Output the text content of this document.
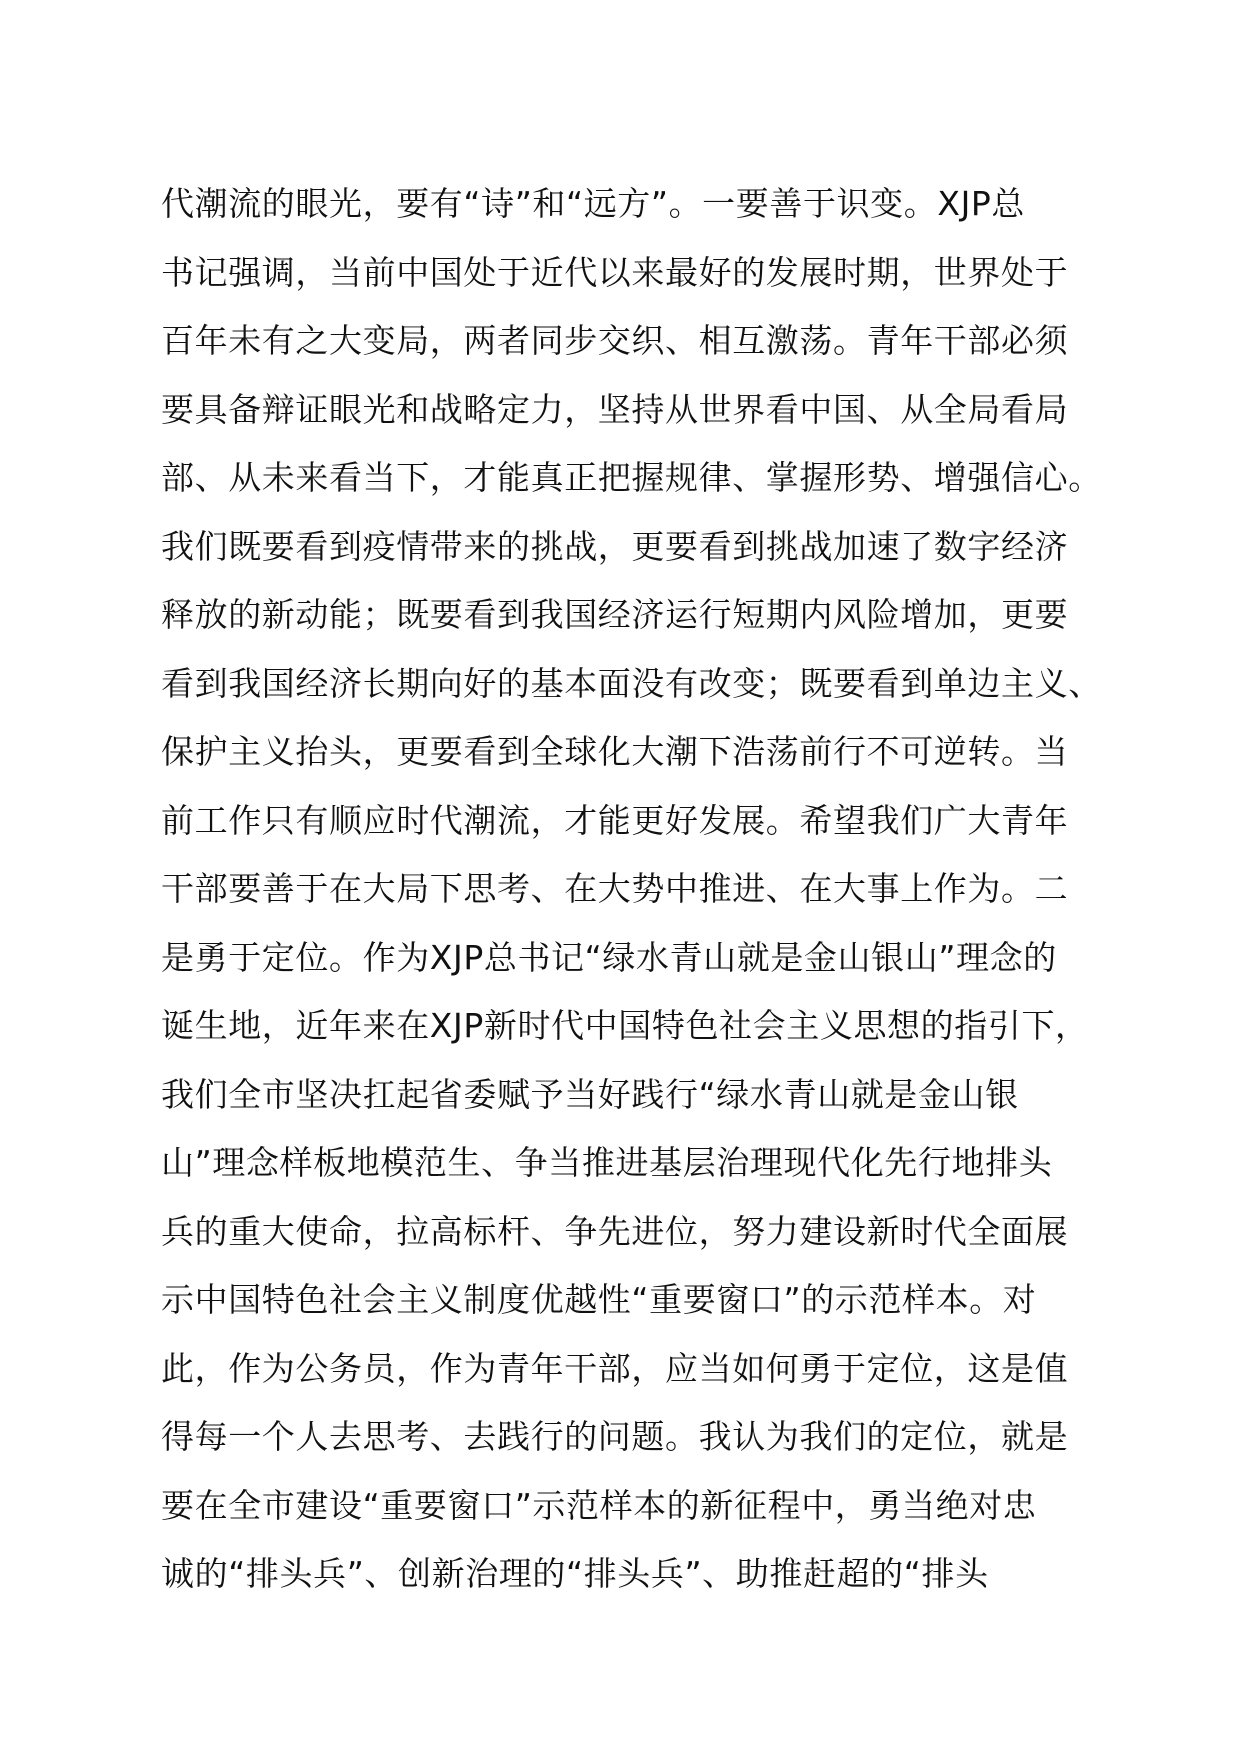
代潮流的眼光，要有“诗”和“远方”。一要善于识变。XJP总
书记强调，当前中国处于近代以来最好的发展时期，世界处于
百年未有之大变局，两者同步交织、相互激荡。青年干部必须
要具备辩证眼光和战略定力，坚持从世界看中国、从全局看局
部、从未来看当下，才能真正把握规律、掌握形势、增强信心。
我们既要看到疫情带来的挑战，更要看到挑战加速了数字经济
释放的新动能；既要看到我国经济运行短期内风险增加，更要
看到我国经济长期向好的基本面没有改变；既要看到单边主义、
保护主义抬头，更要看到全球化大潮下浩荡前行不可逆转。当
前工作只有顺应时代潮流，才能更好发展。希望我们广大青年
干部要善于在大局下思考、在大势中推进、在大事上作为。二
是勇于定位。作为XJP总书记“绿水青山就是金山银山”理念的
诞生地，近年来在XJP新时代中国特色社会主义思想的指引下，
我们全市坚决扛起省委赋予当好践行“绿水青山就是金山银
山”理念样板地模范生、争当推进基层治理现代化先行地排头
兵的重大使命，拉高标杆、争先进位，努力建设新时代全面展
示中国特色社会主义制度优越性“重要窗口”的示范样本。对
此，作为公务员，作为青年干部，应当如何勇于定位，这是值
得每一个人去思考、去践行的问题。我认为我们的定位，就是
要在全市建设“重要窗口”示范样本的新征程中，勇当绝对忠
诚的“排头兵”、创新治理的“排头兵”、助推赶超的“排头
